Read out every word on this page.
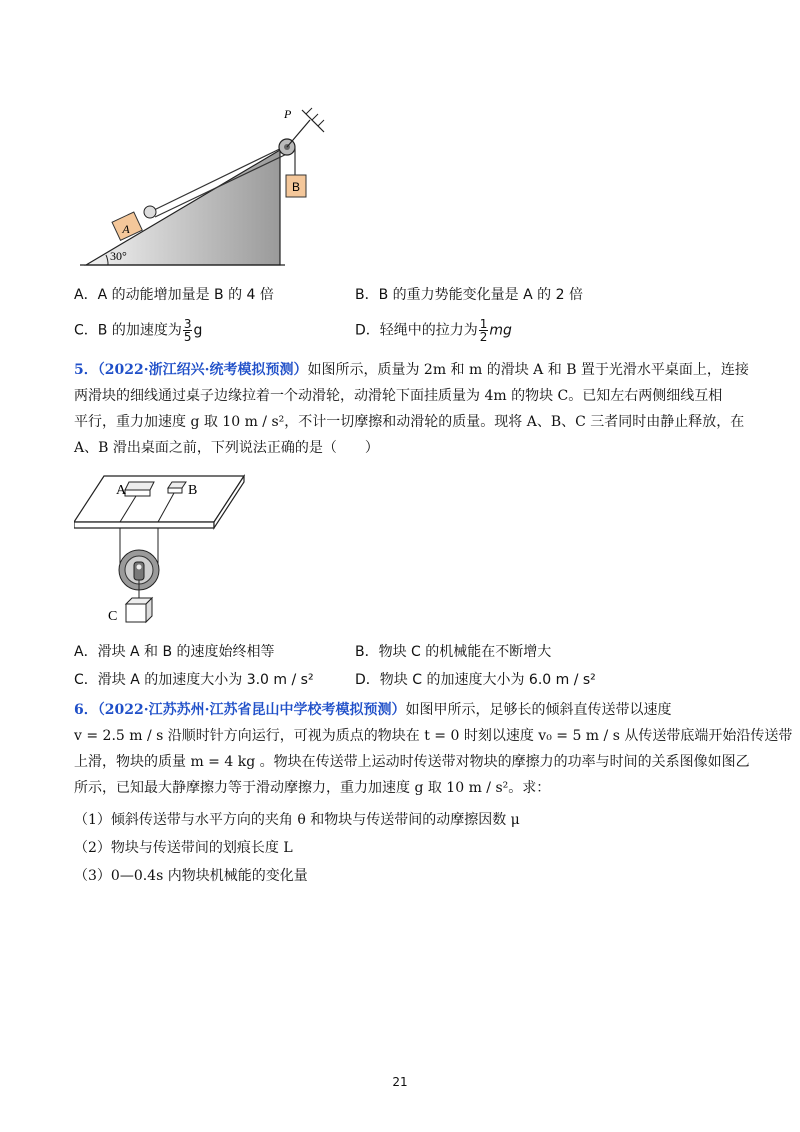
B
A
P
30°
A．A 的动能增加量是 B 的 4 倍	B．B 的重力势能变化量是 A 的 2 倍
C．B 的加速度为 $\frac{3}{5}$ g	D．轻绳中的拉力为 $\frac{1}{2}$ mg
5．（2022·浙江绍兴·统考模拟预测）如图所示，质量为 2m 和 m 的滑块 A 和 B 置于光滑水平桌面上，连接
两滑块的细线通过桌子边缘拉着一个动滑轮，动滑轮下面挂质量为 4m 的物块 C。已知左右两侧细线互相
平行，重力加速度 g 取 10 m / s²，不计一切摩擦和动滑轮的质量。现将 A、B、C 三者同时由静止释放，在
A、B 滑出桌面之前，下列说法正确的是（　　）
A	B
C
A．滑块 A 和 B 的速度始终相等	B．物块 C 的机械能在不断增大
C．滑块 A 的加速度大小为 3.0 m / s²	D．物块 C 的加速度大小为 6.0 m / s²
6．（2022·江苏苏州·江苏省昆山中学校考模拟预测）如图甲所示，足够长的倾斜直传送带以速度
v = 2.5 m / s 沿顺时针方向运行，可视为质点的物块在 t = 0 时刻以速度 v₀ = 5 m / s 从传送带底端开始沿传送带
上滑，物块的质量 m = 4 kg 。物块在传送带上运动时传送带对物块的摩擦力的功率与时间的关系图像如图乙
所示，已知最大静摩擦力等于滑动摩擦力，重力加速度 g 取 10 m / s²。求：
（1）倾斜传送带与水平方向的夹角 θ 和物块与传送带间的动摩擦因数 μ
（2）物块与传送带间的划痕长度 L
（3）0—0.4s 内物块机械能的变化量
21
